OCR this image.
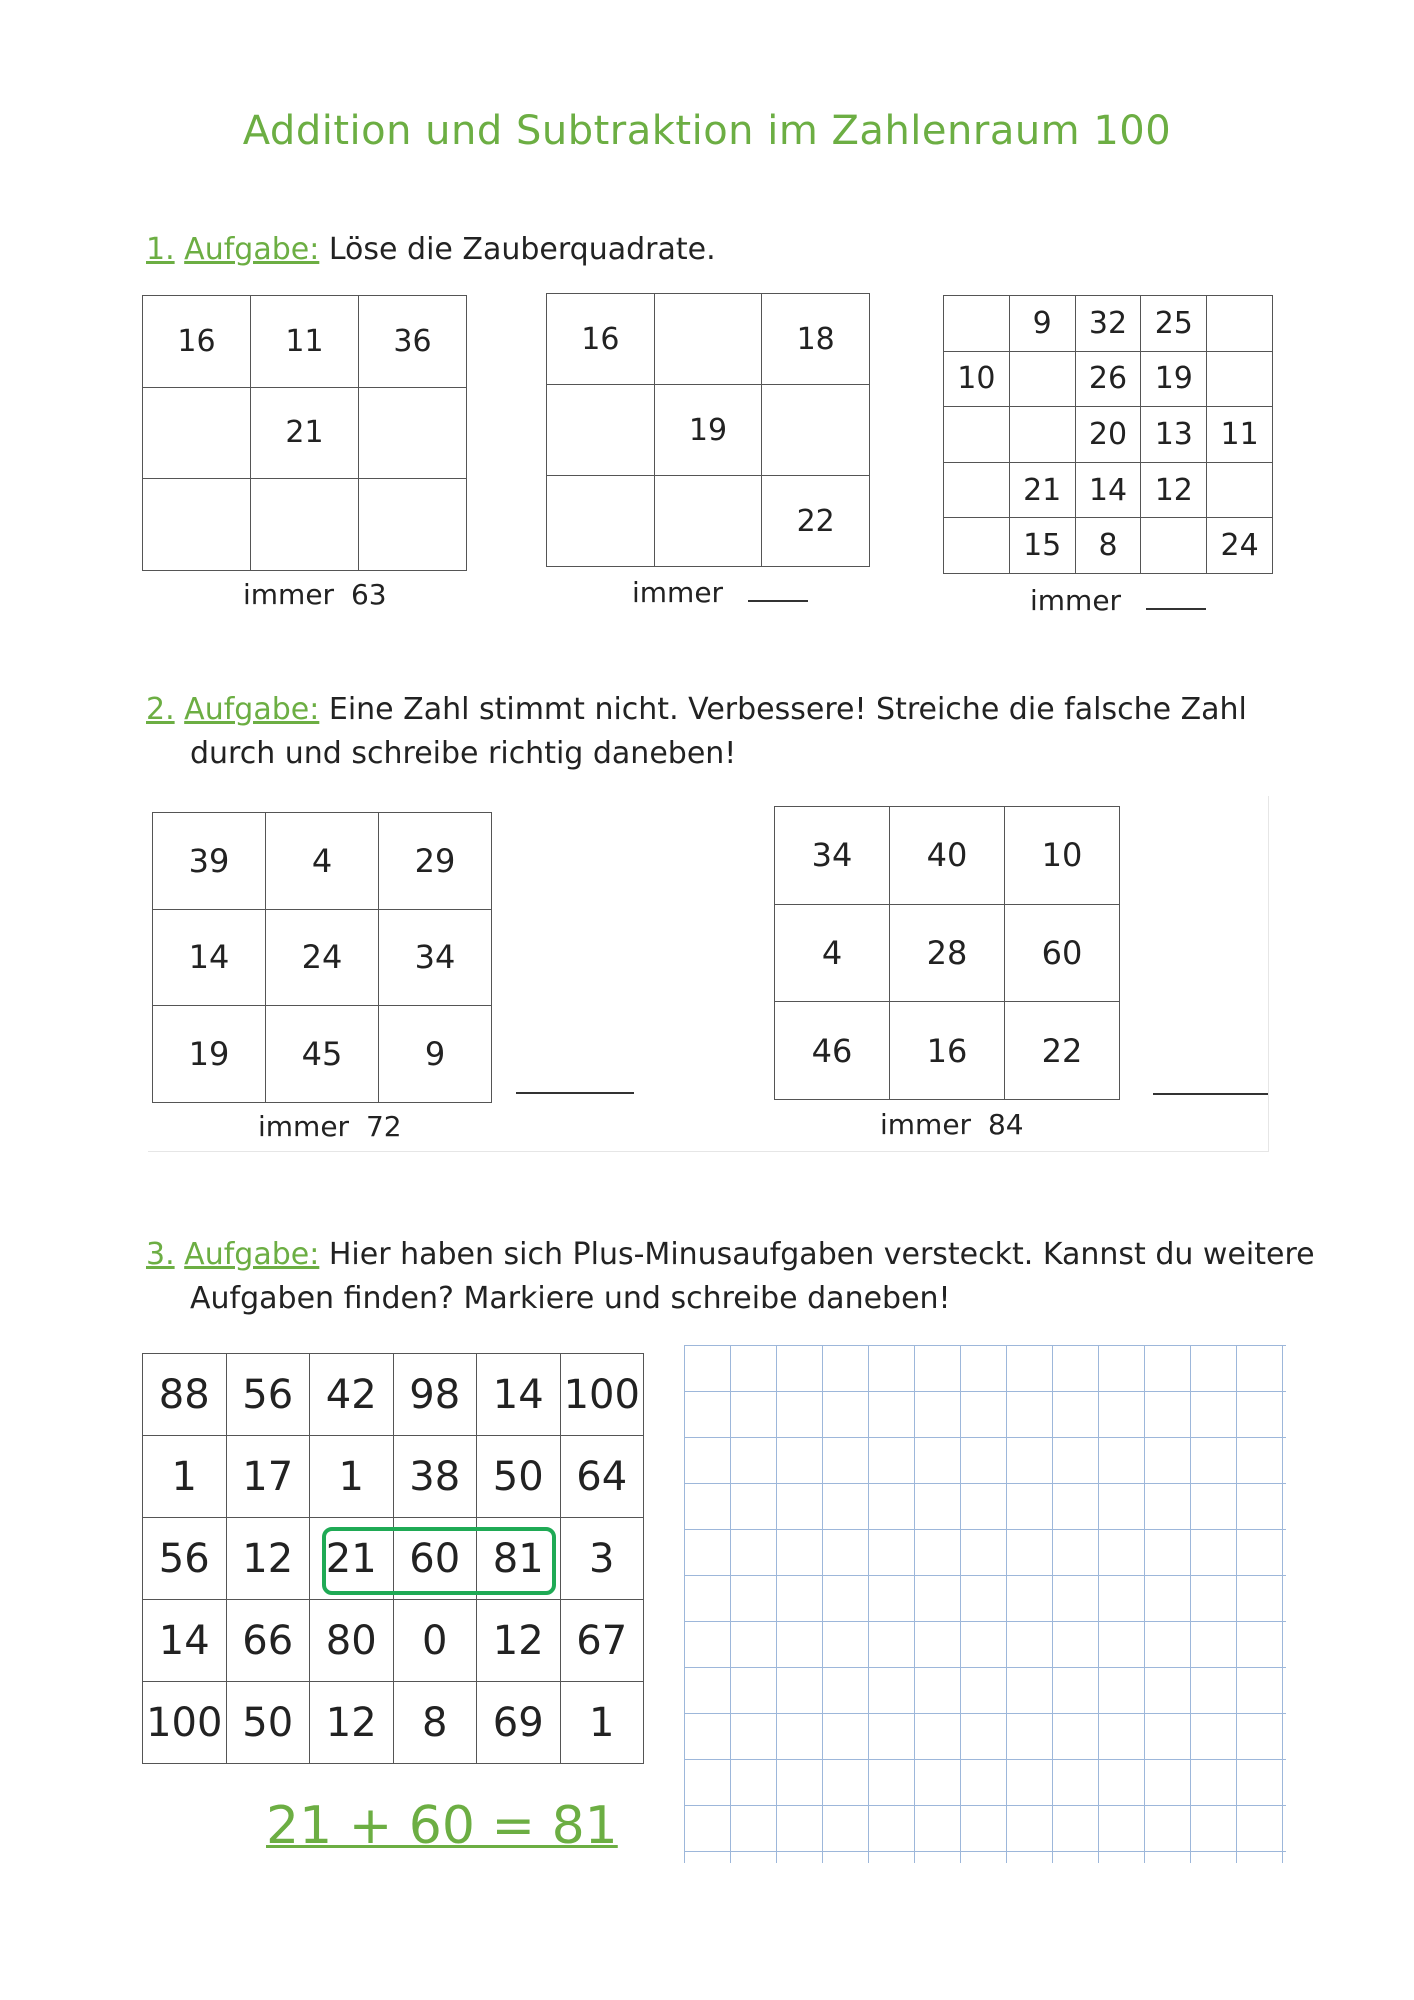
Addition und Subtraktion im Zahlenraum 100
1. Aufgabe: Löse die Zauberquadrate.
16	11	36
	21	

immer 63
16		18
	19	
		22
immer
	9	32	25	
10		26	19	
		20	13	11
	21	14	12	
	15	8		24
immer
2. Aufgabe: Eine Zahl stimmt nicht. Verbessere! Streiche die falsche Zahl
durch und schreibe richtig daneben!
39	4	29
14	24	34
19	45	9
immer 72
34	40	10
4	28	60
46	16	22
immer 84
3. Aufgabe: Hier haben sich Plus-Minusaufgaben versteckt. Kannst du weitere
Aufgaben finden? Markiere und schreibe daneben!
88	56	42	98	14	100
1	17	1	38	50	64
56	12	21	60	81	3
14	66	80	0	12	67
100	50	12	8	69	1
21 + 60 = 81
